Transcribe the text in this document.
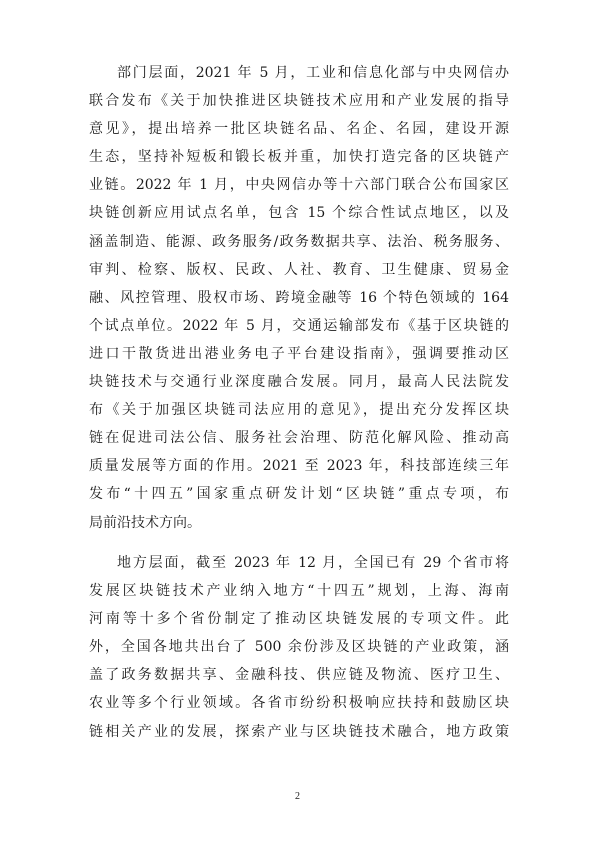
部门层面，2021 年 5 月，工业和信息化部与中央网信办
联合发布《关于加快推进区块链技术应用和产业发展的指导
意见》，提出培养一批区块链名品、名企、名园，建设开源
生态，坚持补短板和锻长板并重，加快打造完备的区块链产
业链。2022 年 1 月，中央网信办等十六部门联合公布国家区
块链创新应用试点名单，包含 15 个综合性试点地区，以及
涵盖制造、能源、政务服务/政务数据共享、法治、税务服务、
审判、检察、版权、民政、人社、教育、卫生健康、贸易金
融、风控管理、股权市场、跨境金融等 16 个特色领域的 164
个试点单位。2022 年 5 月，交通运输部发布《基于区块链的
进口干散货进出港业务电子平台建设指南》，强调要推动区
块链技术与交通行业深度融合发展。同月，最高人民法院发
布《关于加强区块链司法应用的意见》，提出充分发挥区块
链在促进司法公信、服务社会治理、防范化解风险、推动高
质量发展等方面的作用。2021 至 2023 年，科技部连续三年
发布“十四五”国家重点研发计划“区块链”重点专项，布
局前沿技术方向。
地方层面，截至 2023 年 12 月，全国已有 29 个省市将
发展区块链技术产业纳入地方“十四五”规划，上海、海南
河南等十多个省份制定了推动区块链发展的专项文件。此
外，全国各地共出台了 500 余份涉及区块链的产业政策，涵
盖了政务数据共享、金融科技、供应链及物流、医疗卫生、
农业等多个行业领域。各省市纷纷积极响应扶持和鼓励区块
链相关产业的发展，探索产业与区块链技术融合，地方政策
2
